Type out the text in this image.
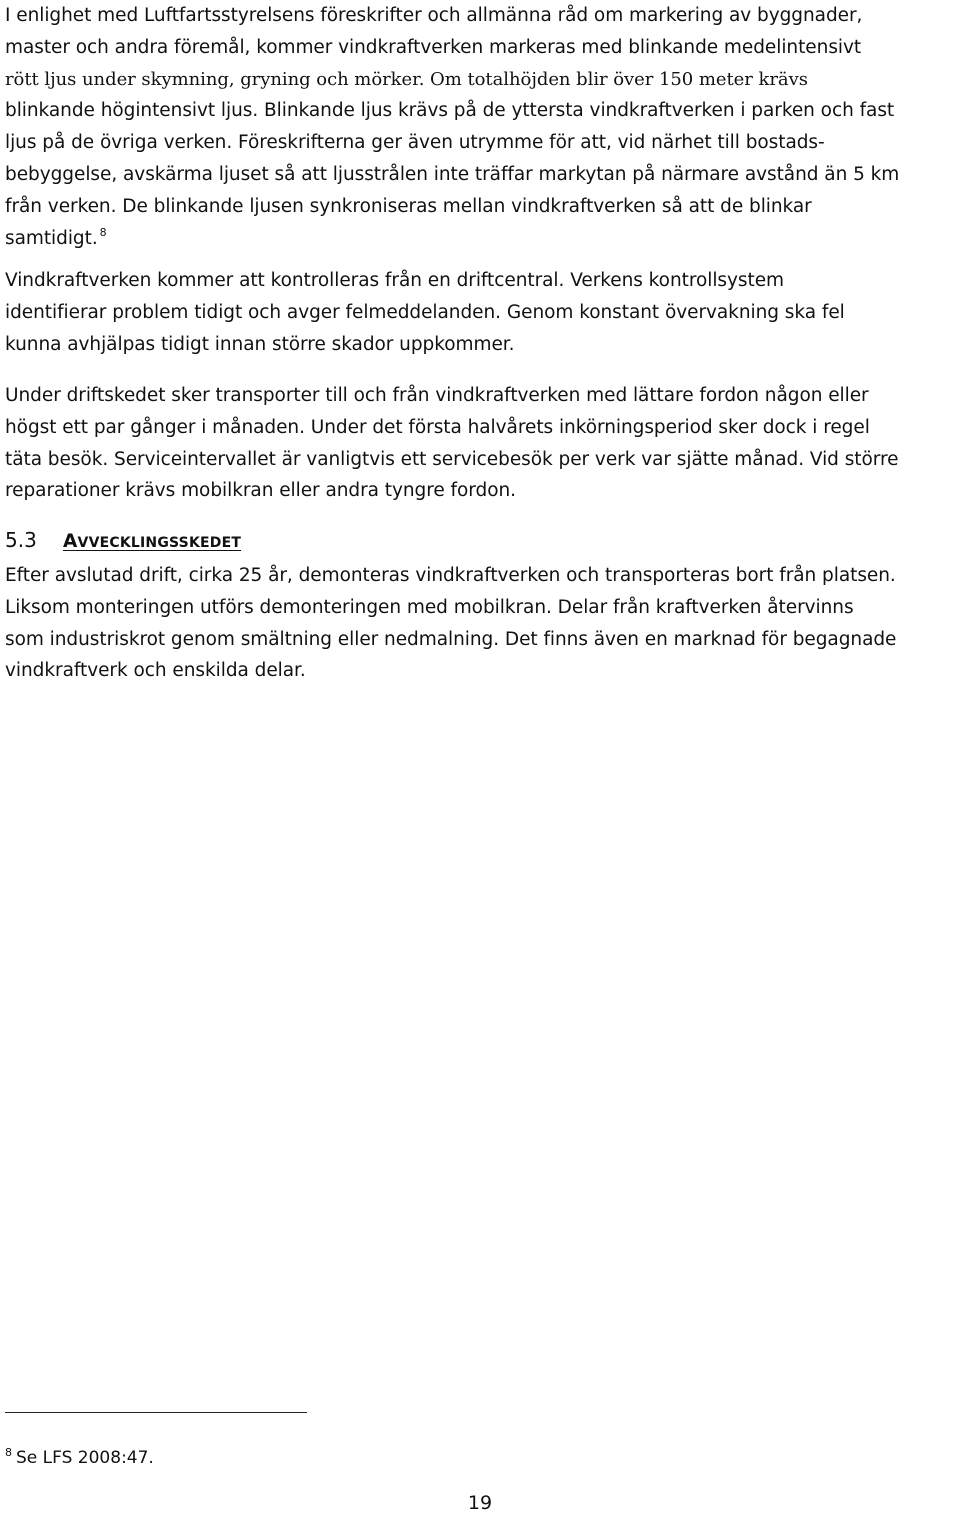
I enlighet med Luftfartsstyrelsens föreskrifter och allmänna råd om markering av byggnader,
master och andra föremål, kommer vindkraftverken markeras med blinkande medelintensivt
rött ljus under skymning, gryning och mörker. Om totalhöjden blir över 150 meter krävs
blinkande högintensivt ljus. Blinkande ljus krävs på de yttersta vindkraftverken i parken och fast
ljus på de övriga verken. Föreskrifterna ger även utrymme för att, vid närhet till bostads-
bebyggelse, avskärma ljuset så att ljusstrålen inte träffar markytan på närmare avstånd än 5 km
från verken. De blinkande ljusen synkroniseras mellan vindkraftverken så att de blinkar
samtidigt. $^8$
Vindkraftverken kommer att kontrolleras från en driftcentral. Verkens kontrollsystem
identifierar problem tidigt och avger felmeddelanden. Genom konstant övervakning ska fel
kunna avhjälpas tidigt innan större skador uppkommer.
Under driftskedet sker transporter till och från vindkraftverken med lättare fordon någon eller
högst ett par gånger i månaden. Under det första halvårets inkörningsperiod sker dock i regel
täta besök. Serviceintervallet är vanligtvis ett servicebesök per verk var sjätte månad. Vid större
reparationer krävs mobilkran eller andra tyngre fordon.
5.3 AVVECKLINGSSKEDET
Efter avslutad drift, cirka 25 år, demonteras vindkraftverken och transporteras bort från platsen.
Liksom monteringen utförs demonteringen med mobilkran. Delar från kraftverken återvinns
som industriskrot genom smältning eller nedmalning. Det finns även en marknad för begagnade
vindkraftverk och enskilda delar.
$^8$ Se LFS 2008:47.
19
